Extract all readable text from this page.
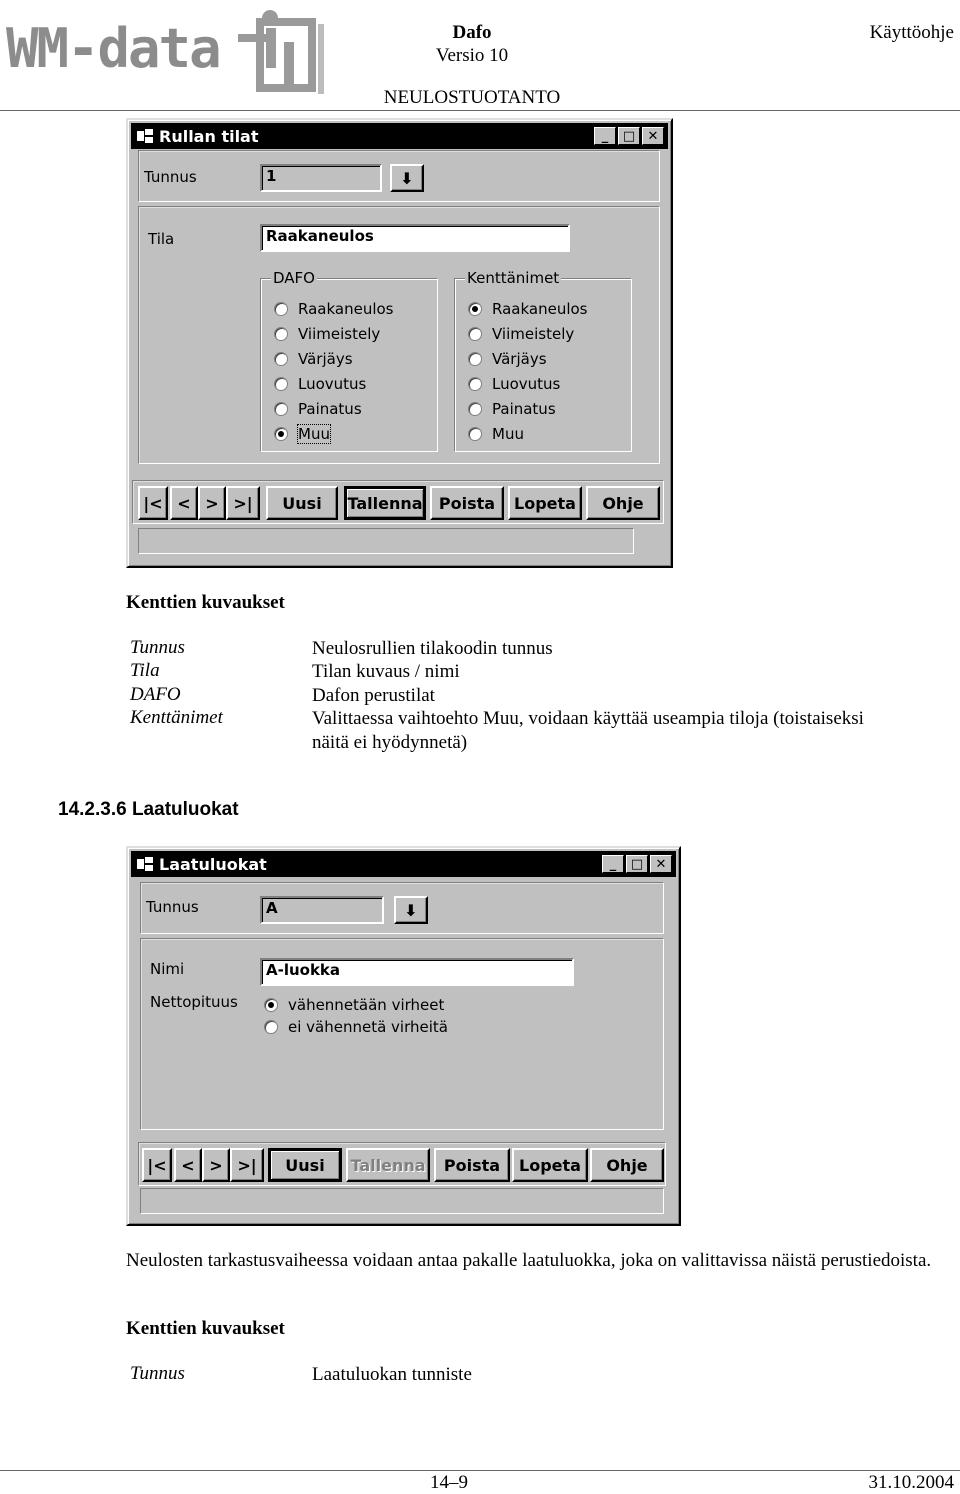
WM-data	Dafo
Versio 10
Käyttöohje
NEULOSTUOTANTO
Rullan tilat	_	□ ✕
Tunnus	1	⬇
Tila	Raakaneulos
DAFO
Raakaneulos
Viimeistely
Värjäys
Luovutus
Painatus
Muu
Kenttänimet
Raakaneulos
Viimeistely
Värjäys
Luovutus
Painatus
Muu
|< < > >|	Uusi	Tallenna	Poista	Lopeta	Ohje
Kenttien kuvaukset
Tunnus	Neulosrullien tilakoodin tunnus
Tila	Tilan kuvaus / nimi
DAFO	Dafon perustilat
Kenttänimet	Valittaessa vaihtoehto Muu, voidaan käyttää useampia tiloja (toistaiseksi
näitä ei hyödynnetä)
14.2.3.6 Laatuluokat
Laatuluokat	_	□ ✕
Tunnus	A	⬇
Nimi	A-luokka
Nettopituus	vähennetään virheet
ei vähennetä virheitä
|< < > >|	Uusi	Tallenna	Poista	Lopeta	Ohje
Neulosten tarkastusvaiheessa voidaan antaa pakalle laatuluokka, joka on valittavissa näistä perustiedoista.
Kenttien kuvaukset
Tunnus	Laatuluokan tunniste
14–9	31.10.2004
